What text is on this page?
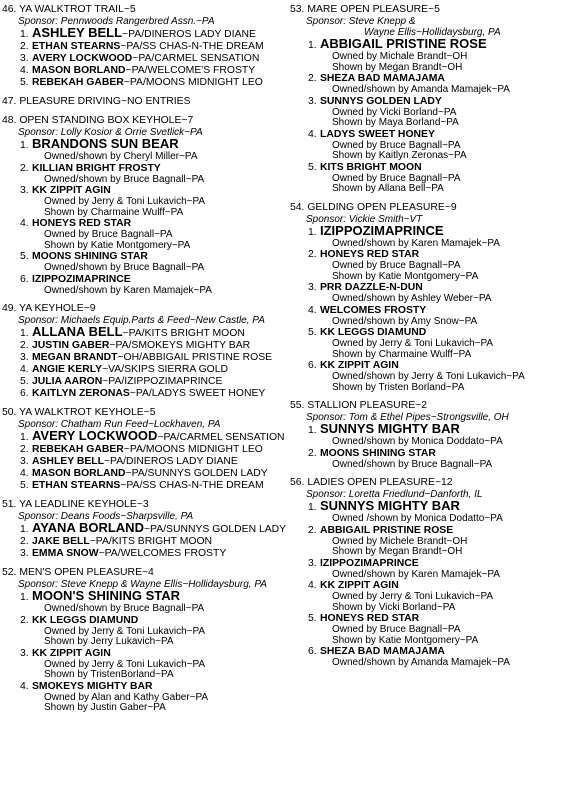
46. YA WALKTROT TRAIL~5
Sponsor: Pennwoods Rangerbred Assn.~PA
1. ASHLEY BELL~PA/DINEROS LADY DIANE
2. ETHAN STEARNS~PA/SS CHAS-N-THE DREAM
3. AVERY LOCKWOOD~PA/CARMEL SENSATION
4. MASON BORLAND~PA/WELCOME'S FROSTY
5. REBEKAH GABER~PA/MOONS MIDNIGHT LEO
47. PLEASURE DRIVING~NO ENTRIES
48. OPEN STANDING BOX KEYHOLE~7
Sponsor: Lolly Kosior & Orrie Svetlick~PA
1. BRANDONS SUN BEAR
Owned/shown by Cheryl Miller~PA
2. KILLIAN BRIGHT FROSTY
Owned/shown by Bruce Bagnall~PA
3. KK ZIPPIT AGIN
Owned by Jerry & Toni Lukavich~PA
Shown by Charmaine Wulff~PA
4. HONEYS RED STAR
Owned by Bruce Bagnall~PA
Shown by Katie Montgomery~PA
5. MOONS SHINING STAR
Owned/shown by Bruce Bagnall~PA
6. IZIPPOZIMAPRINCE
Owned/shown by Karen Mamajek~PA
49. YA KEYHOLE~9
Sponsor: Michaels Equip.Parts & Feed~New Castle, PA
1. ALLANA BELL~PA/KITS BRIGHT MOON
2. JUSTIN GABER~PA/SMOKEYS MIGHTY BAR
3. MEGAN BRANDT~OH/ABBIGAIL PRISTINE ROSE
4. ANGIE KERLY~VA/SKIPS SIERRA GOLD
5. JULIA AARON~PA/IZIPPOZIMAPRINCE
6. KAITLYN ZERONAS~PA/LADYS SWEET HONEY
50. YA WALKTROT KEYHOLE~5
Sponsor: Chatham Run Feed~Lockhaven, PA
1. AVERY LOCKWOOD~PA/CARMEL SENSATION
2. REBEKAH GABER~PA/MOONS MIDNIGHT LEO
3. ASHLEY BELL~PA/DINEROS LADY DIANE
4. MASON BORLAND~PA/SUNNYS GOLDEN LADY
5. ETHAN STEARNS~PA/SS CHAS-N-THE DREAM
51. YA LEADLINE KEYHOLE~3
Sponsor: Deans Foods~Sharpsville, PA
1. AYANA BORLAND~PA/SUNNYS GOLDEN LADY
2. JAKE BELL~PA/KITS BRIGHT MOON
3. EMMA SNOW~PA/WELCOMES FROSTY
52. MEN'S OPEN PLEASURE~4
Sponsor: Steve Knepp & Wayne Ellis~Hollidaysburg, PA
1. MOON'S SHINING STAR
Owned/shown by Bruce Bagnall~PA
2. KK LEGGS DIAMUND
Owned by Jerry & Toni Lukavich~PA
Shown by Jerry Lukavich~PA
3. KK ZIPPIT AGIN
Owned by Jerry & Toni Lukavich~PA
Shown by TristenBorland~PA
4. SMOKEYS MIGHTY BAR
Owned by Alan and Kathy Gaber~PA
Shown by Justin Gaber~PA
53. MARE OPEN PLEASURE~5
Sponsor: Steve Knepp &
Wayne Ellis~Hollidaysburg, PA
1. ABBIGAIL PRISTINE ROSE
Owned by Michale Brandt~OH
Shown by Megan Brandt~OH
2. SHEZA BAD MAMAJAMA
Owned/shown by Amanda Mamajek~PA
3. SUNNYS GOLDEN LADY
Owned by Vicki Borland~PA
Shown by Maya Borland~PA
4. LADYS SWEET HONEY
Owned by Bruce Bagnall~PA
Shown by Kaitlyn Zeronas~PA
5. KITS BRIGHT MOON
Owned by Bruce Bagnall~PA
Shown by Allana Bell~PA
54. GELDING OPEN PLEASURE~9
Sponsor: Vickie Smith~VT
1. IZIPPOZIMAPRINCE
Owned/shown by Karen Mamajek~PA
2. HONEYS RED STAR
Owned by Bruce Bagnall~PA
Shown by Katie Montgomery~PA
3. PRR DAZZLE-N-DUN
Owned/shown by Ashley Weber~PA
4. WELCOMES FROSTY
Owned/shown by Amy Snow~PA
5. KK LEGGS DIAMUND
Owned by Jerry & Toni Lukavich~PA
Shown by Charmaine Wulff~PA
6. KK ZIPPIT AGIN
Owned/shown by Jerry & Toni Lukavich~PA
Shown by Tristen Borland~PA
55. STALLION PLEASURE~2
Sponsor: Tom & Ethel Pipes~Strongsville, OH
1. SUNNYS MIGHTY BAR
Owned/shown by Monica Doddato~PA
2. MOONS SHINING STAR
Owned/shown by Bruce Bagnall~PA
56. LADIES OPEN PLEASURE~12
Sponsor: Loretta Friedlund~Danforth, IL
1. SUNNYS MIGHTY BAR
Owned /shown by Monica Dodatto~PA
2. ABBIGAIL PRISTINE ROSE
Owned by Michele Brandt~OH
Shown by Megan Brandt~OH
3. IZIPPOZIMAPRINCE
Owned/shown by Karen Mamajek~PA
4. KK ZIPPIT AGIN
Owned by Jerry & Toni Lukavich~PA
Shown by Vicki Borland~PA
5. HONEYS RED STAR
Owned by Bruce Bagnall~PA
Shown by Katie Montgomery~PA
6. SHEZA BAD MAMAJAMA
Owned/shown by Amanda Mamajek~PA
